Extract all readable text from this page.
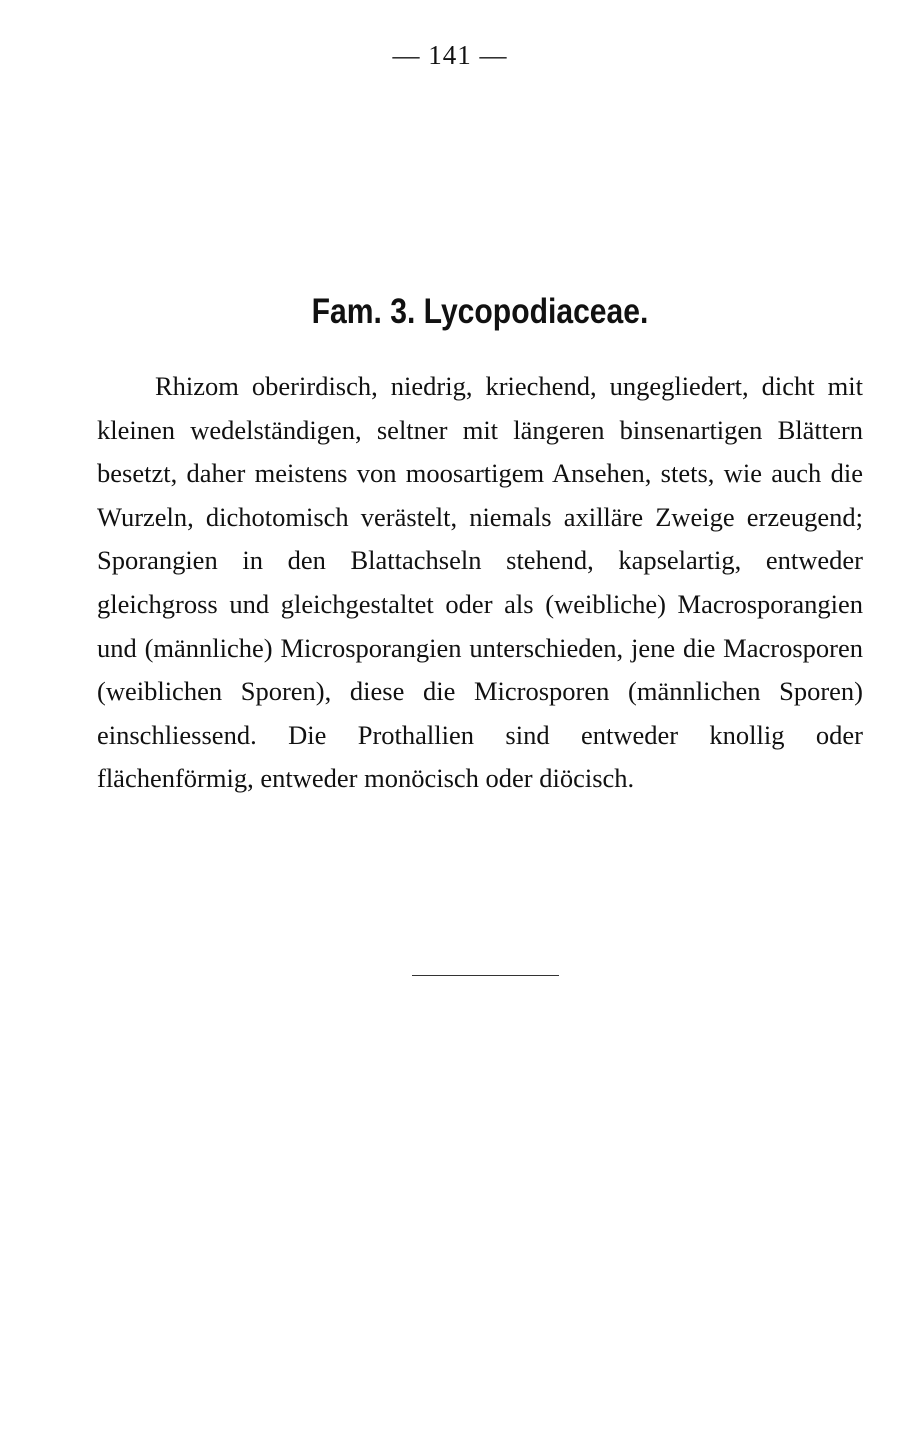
— 141 —
Fam. 3. Lycopodiaceae.

Rhizom oberirdisch, niedrig, kriechend, ungegliedert, dicht mit kleinen wedelständigen, seltner mit längeren binsenartigen Blättern besetzt, daher meistens von moosartigem Ansehen, stets, wie auch die Wurzeln, dichotomisch verästelt, niemals axilläre Zweige erzeugend; Sporangien in den Blattachseln stehend, kapselartig, entweder gleichgross und gleichgestaltet oder als (weibliche) Macrosporangien und (männliche) Microsporangien unterschieden, jene die Macrosporen (weiblichen Sporen), diese die Microsporen (männlichen Sporen) einschliessend. Die Prothallien sind entweder knollig oder flächenförmig, entweder monöcisch oder diöcisch.
